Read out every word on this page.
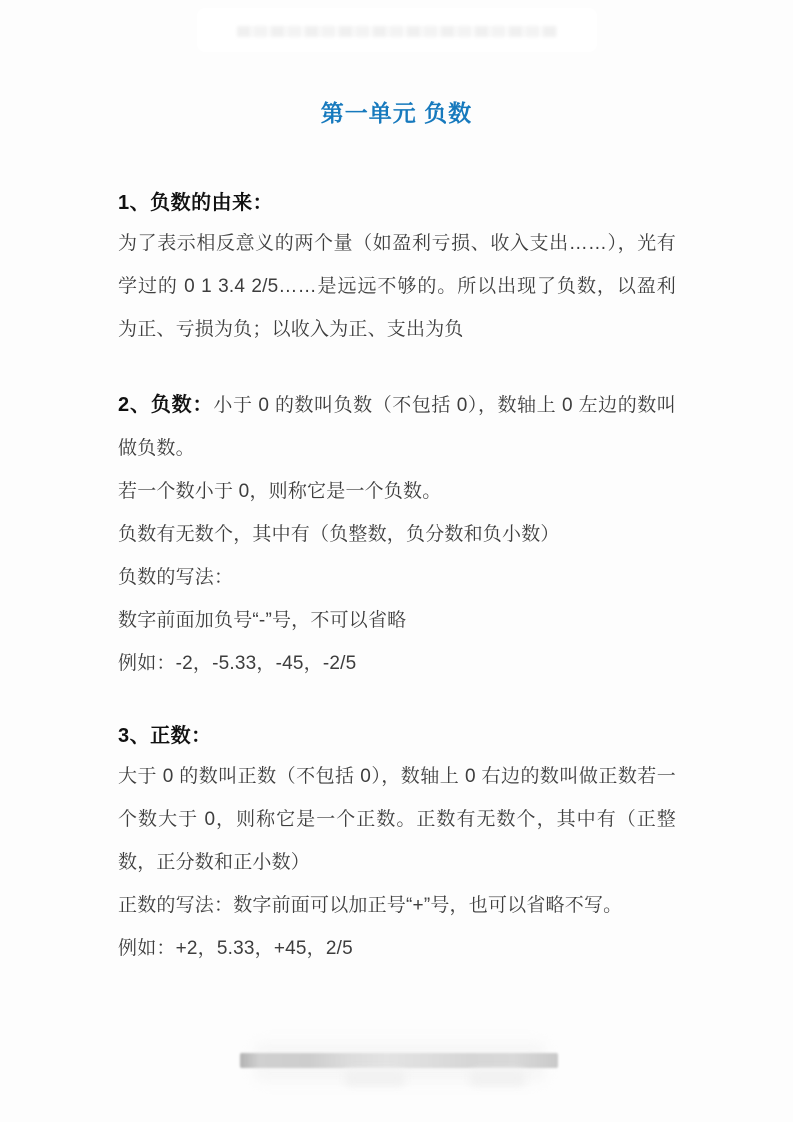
第一单元 负数
1、负数的由来：

为了表示相反意义的两个量（如盈利亏损、收入支出……），光有学过的 0 1 3.4 2/5……是远远不够的。所以出现了负数，以盈利为正、亏损为负；以收入为正、支出为负

2、负数：小于 0 的数叫负数（不包括 0），数轴上 0 左边的数叫做负数。

若一个数小于 0，则称它是一个负数。

负数有无数个，其中有（负整数，负分数和负小数）

负数的写法：

数字前面加负号“-”号，不可以省略

例如：-2，-5.33，-45，-2/5

3、正数：

大于 0 的数叫正数（不包括 0），数轴上 0 右边的数叫做正数若一个数大于 0，则称它是一个正数。正数有无数个，其中有（正整数，正分数和正小数）

正数的写法：数字前面可以加正号“+”号，也可以省略不写。

例如：+2，5.33，+45，2/5
